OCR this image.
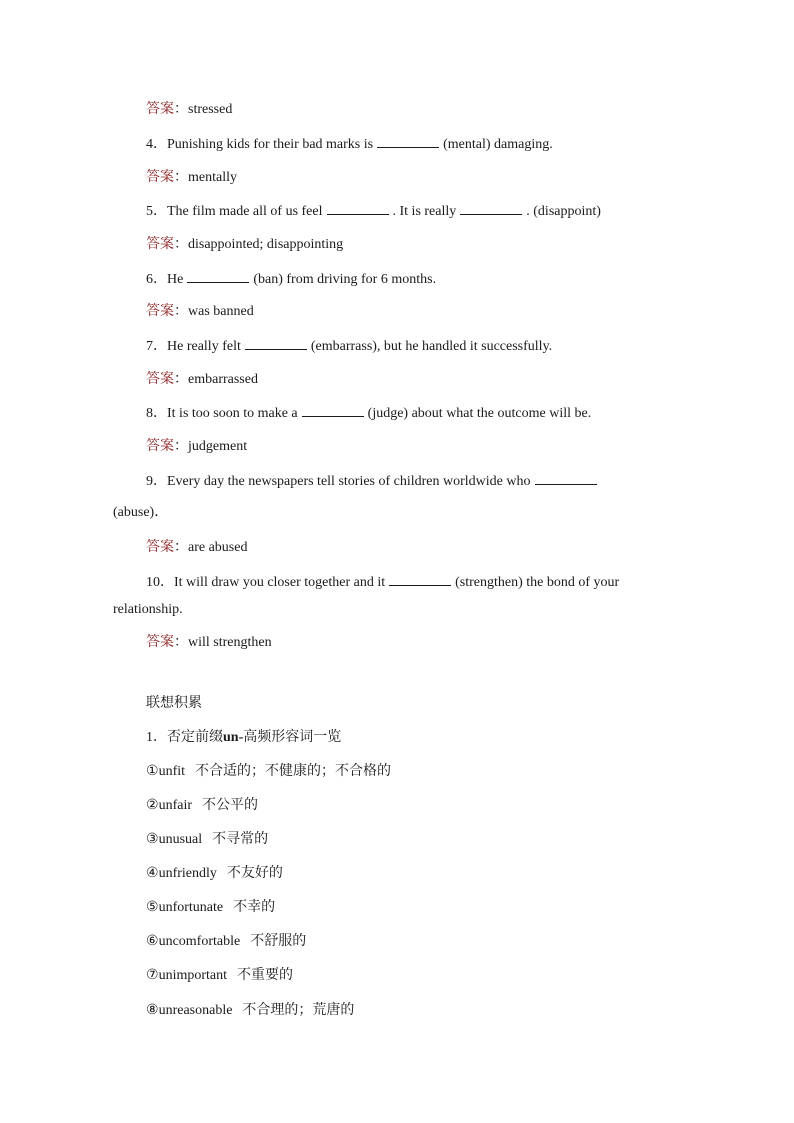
答案：stressed
4．Punishing kids for their bad marks is	(mental) damaging.
答案：mentally
5．The film made all of us feel	. It is really	. (disappoint)
答案：disappointed; disappointing
6．He	(ban) from driving for 6 months.
答案：was banned
7．He really felt	(embarrass), but he handled it successfully.
答案：embarrassed
8．It is too soon to make a	(judge) about what the outcome will be.
答案：judgement
9．Every day the newspapers tell stories of children worldwide who
(abuse)．
答案：are abused
10．It will draw you closer together and it	(strengthen) the bond of your
relationship.
答案：will strengthen
联想积累
1．否定前缀un-高频形容词一览
①unfit 不合适的；不健康的；不合格的
②unfair 不公平的
③unusual 不寻常的
④unfriendly 不友好的
⑤unfortunate 不幸的
⑥uncomfortable 不舒服的
⑦unimportant 不重要的
⑧unreasonable 不合理的；荒唐的
